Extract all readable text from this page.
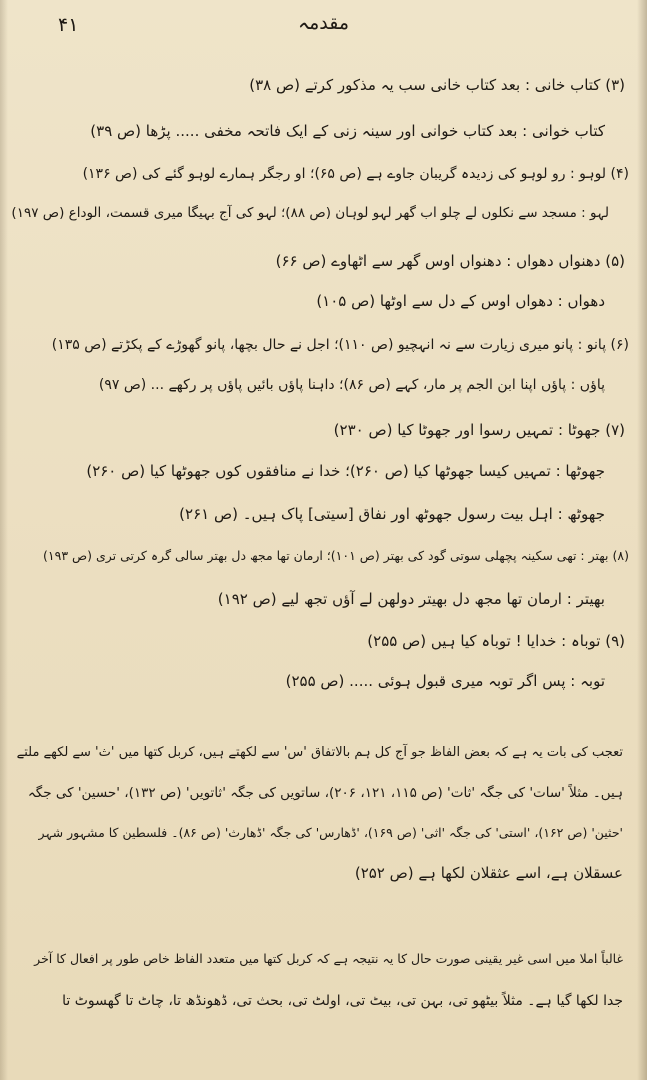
۴۱	مقدمہ
(۳) کتاب خانی : بعد کتاب خانی سب یہ مذکور کرتے (ص ۳۸)
کتاب خوانی : بعد کتاب خوانی اور سینہ زنی کے ایک فاتحہ مخفی ..... پڑھا (ص ۳۹)
(۴) لوہو : رو لوہو کی زدیدہ گریبان جاوے ہے (ص ۶۵)؛ او رجگر ہمارے لوہو گئے کی (ص ۱۳۶)
لہو : مسجد سے نکلوں لے چلو اب گھر لہو لوہان (ص ۸۸)؛ لہو کی آج بہیگا میری قسمت، الوداع (ص ۱۹۷)
(۵) دھنواں دھواں : دھنواں اوس گھر سے اٹھاوے (ص ۶۶)
دھواں : دھواں اوس کے دل سے اوٹھا (ص ۱۰۵)
(۶) پانو : پانو میری زیارت سے نہ انہچیو (ص ۱۱۰)؛ اجل نے حال بچھا، پانو گھوڑے کے پکڑتے (ص ۱۳۵)
پاؤں : پاؤں اپنا ابن الجم پر مار، کہے (ص ۸۶)؛ داہنا پاؤں بائیں پاؤں پر رکھے ... (ص ۹۷)
(۷) جھوٹا : تمہیں رسوا اور جھوٹا کیا (ص ۲۳۰)
جھوٹھا : تمہیں کیسا جھوٹھا کیا (ص ۲۶۰)؛ خدا نے منافقوں کوں جھوٹھا کیا (ص ۲۶۰)
جھوٹھ : اہل بیت رسول جھوٹھ اور نفاق [سیتی] پاک ہیں۔ (ص ۲۶۱)
(۸) بھتر : تھی سکینہ پچھلی سوتی گود کی بھتر (ص ۱۰۱)؛ ارمان تھا مجھ دل بھتر سالی گرہ کرتی تری (ص ۱۹۳)
بھیتر : ارمان تھا مجھ دل بھیتر دولھن لے آؤں تجھ لیے (ص ۱۹۲)
(۹) توباہ : خدایا ! توباہ کیا ہیں (ص ۲۵۵)
توبہ : پس اگر توبہ میری قبول ہوئی ..... (ص ۲۵۵)
تعجب کی بات یہ ہے کہ بعض الفاظ جو آج کل ہم بالاتفاق 'س' سے لکھتے ہیں، کربل کتھا میں 'ث' سے لکھے ملتے
ہیں۔ مثلاً 'سات' کی جگہ 'ثات' (ص ۱۱۵، ۱۲۱، ۲۰۶)، ساتویں کی جگہ 'ثاتویں' (ص ۱۳۲)، 'حسین' کی جگہ
'حثین' (ص ۱۶۲)، 'استی' کی جگہ 'اثی' (ص ۱۶۹)، 'ڈھارس' کی جگہ 'ڈھارث' (ص ۸۶)۔ فلسطین کا مشہور شہر
عسقلان ہے، اسے عثقلان لکھا ہے (ص ۲۵۲)
غالباً املا میں اسی غیر یقینی صورت حال کا یہ نتیجہ ہے کہ کربل کتھا میں متعدد الفاظ خاص طور پر افعال کا آخر
جدا لکھا گیا ہے۔ مثلاً بیٹھو تی، بہن تی، بیٹ تی، اولٹ تی، بحث تی، ڈھونڈھ تا، چاٹ تا گھسوٹ تا
